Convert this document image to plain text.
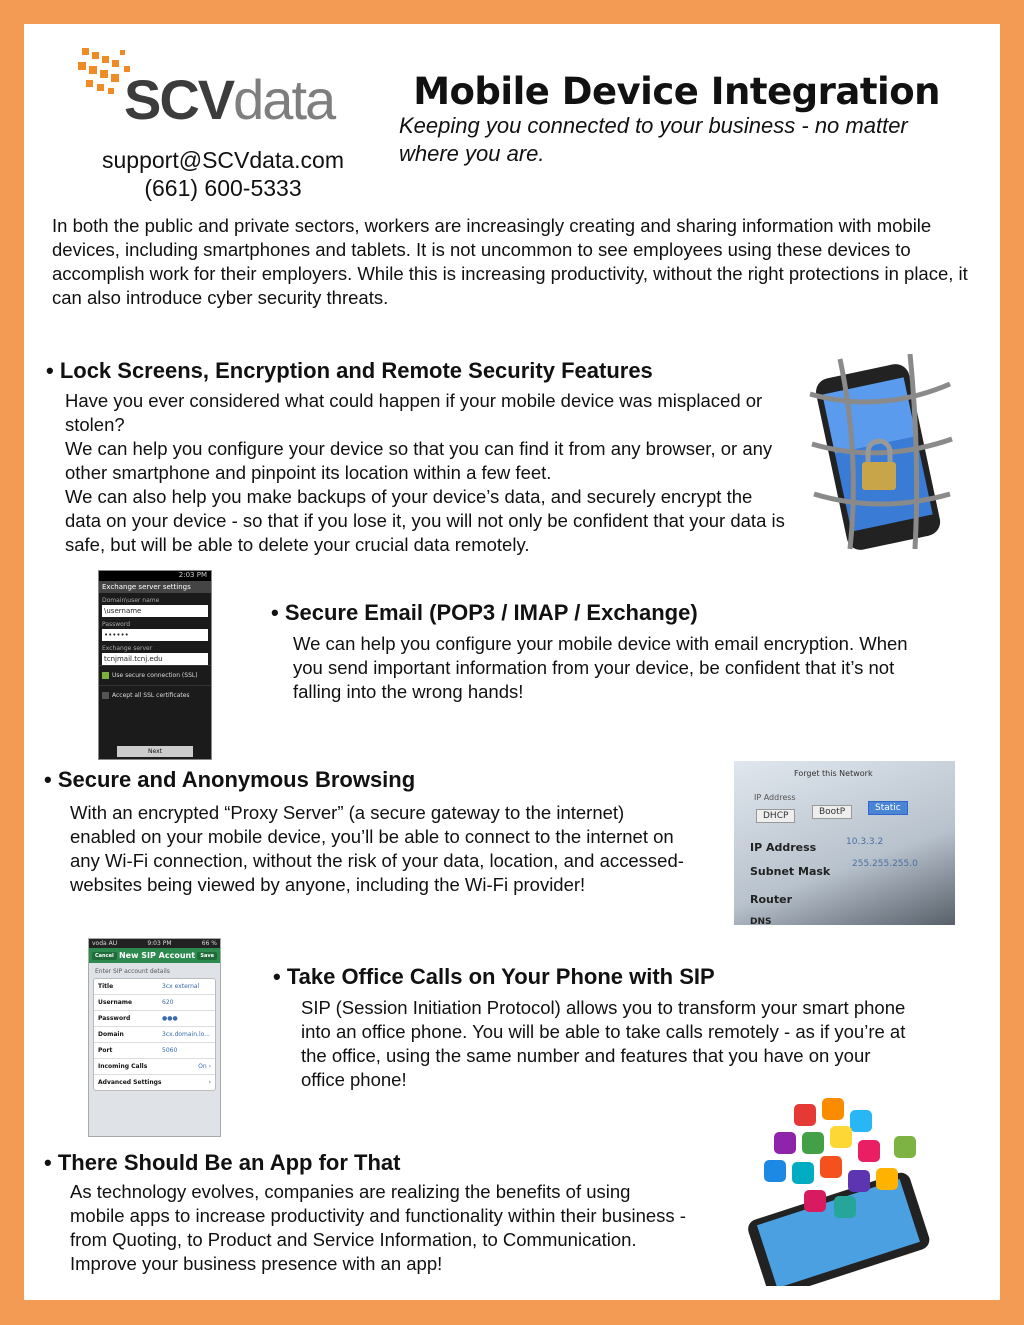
SCVdata
support@SCVdata.com
(661) 600-5333
Mobile Device Integration
Keeping you connected to your business - no matter where you are.
In both the public and private sectors, workers are increasingly creating and sharing information with mobile devices, including smartphones and tablets. It is not uncommon to see employees using these devices to accomplish work for their employers. While this is increasing productivity, without the right protections in place, it can also introduce cyber security threats.
• Lock Screens, Encryption and Remote Security Features
Have you ever considered what could happen if your mobile device was misplaced or stolen?
We can help you configure your device so that you can find it from any browser, or any other smartphone and pinpoint its location within a few feet.
We can also help you make backups of your device’s data, and securely encrypt the data on your device - so that if you lose it, you will not only be confident that your data is safe, but will be able to delete your crucial data remotely.
2:03 PM
Exchange server settings
Domain\user name
\username
Password
••••••
Exchange server
tcnjmail.tcnj.edu
Use secure connection (SSL)
Accept all SSL certificates
Next
• Secure Email (POP3 / IMAP / Exchange)
We can help you configure your mobile device with email encryption. When you send important information from your device, be confident that it’s not falling into the wrong hands!
• Secure and Anonymous Browsing
With an encrypted “Proxy Server” (a secure gateway to the internet) enabled on your mobile device, you’ll be able to connect to the internet on any Wi-Fi connection, without the risk of your data, location, and accessed-websites being viewed by anyone, including the Wi-Fi provider!
Forget this Network
IP Address
DHCP	BootP	Static
IP Address	10.3.3.2
Subnet Mask
255.255.255.0
Router
DNS
voda AU	9:03 PM	66 %
Cancel New SIP Account	Save
Enter SIP account details
Title	3cx external
Username	620
Password	●●●
Domain	3cx.domain.lo...
Port	5060
Incoming Calls	On ›
Advanced Settings	›
• Take Office Calls on Your Phone with SIP
SIP (Session Initiation Protocol) allows you to transform your smart phone into an office phone. You will be able to take calls remotely - as if you’re at the office, using the same number and features that you have on your office phone!
• There Should Be an App for That
As technology evolves, companies are realizing the benefits of using mobile apps to increase productivity and functionality within their business - from Quoting, to Product and Service Information, to Communication. Improve your business presence with an app!
